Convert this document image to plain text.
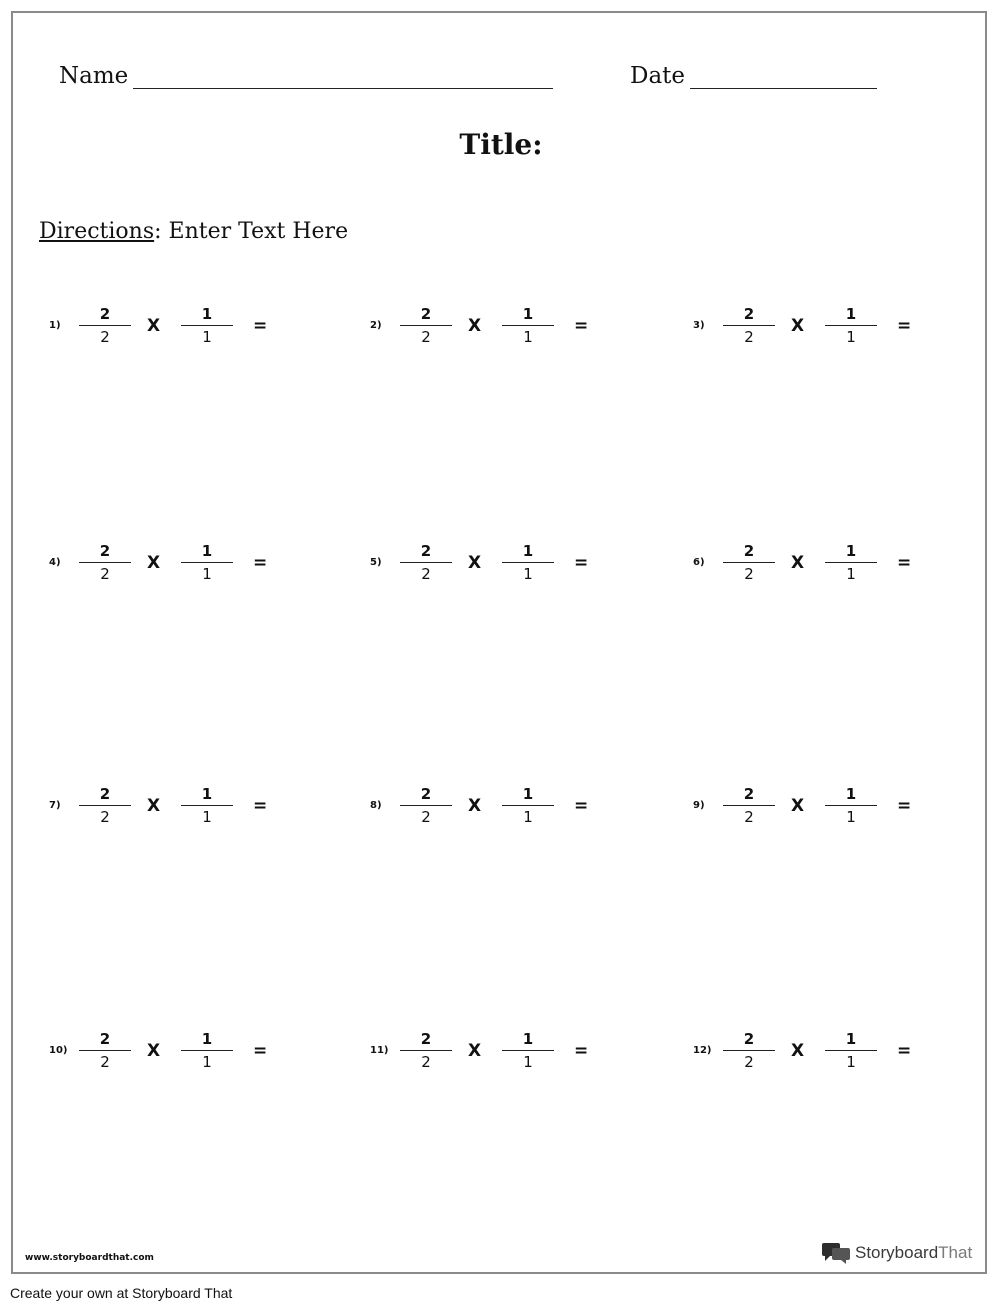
Name	Date
Title:
Directions: Enter Text Here
1)
2
2
X
1
1
=	2)
2
2
X
1
1
=	3)
2
2
X
1
1
=
4)
2
2
X
1
1
=	5)
2
2
X
1
1
=	6)
2
2
X
1
1
=
7)
2
2
X
1
1
=	8)
2
2
X
1
1
=	9)
2
2
X
1
1
=
10)
2
2
X
1
1
=	11)
2
2
X
1
1
=	12)
2
2
X
1
1
=
www.storyboardthat.com	Storyboard That
Create your own at Storyboard That
